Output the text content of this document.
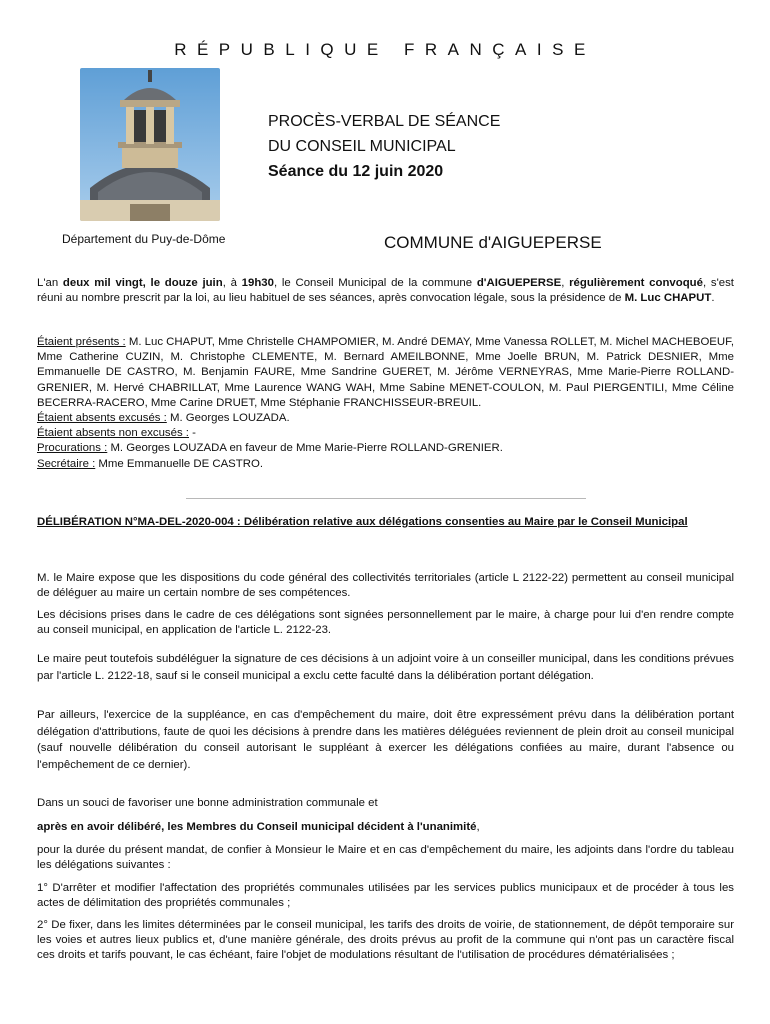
RÉPUBLIQUE FRANÇAISE
Département du Puy-de-Dôme
PROCÈS-VERBAL DE SÉANCE
DU CONSEIL MUNICIPAL
Séance du 12 juin 2020
COMMUNE d'AIGUEPERSE
L'an deux mil vingt, le douze juin, à 19h30, le Conseil Municipal de la commune d'AIGUEPERSE, régulièrement convoqué, s'est réuni au nombre prescrit par la loi, au lieu habituel de ses séances, après convocation légale, sous la présidence de M. Luc CHAPUT.
Étaient présents : M. Luc CHAPUT, Mme Christelle CHAMPOMIER, M. André DEMAY, Mme Vanessa ROLLET, M. Michel MACHEBOEUF, Mme Catherine CUZIN, M. Christophe CLEMENTE, M. Bernard AMEILBONNE, Mme Joelle BRUN, M. Patrick DESNIER, Mme Emmanuelle DE CASTRO, M. Benjamin FAURE, Mme Sandrine GUERET, M. Jérôme VERNEYRAS, Mme Marie-Pierre ROLLAND-GRENIER, M. Hervé CHABRILLAT, Mme Laurence WANG WAH, Mme Sabine MENET-COULON, M. Paul PIERGENTILI, Mme Céline BECERRA-RACERO, Mme Carine DRUET, Mme Stéphanie FRANCHISSEUR-BREUIL.
Étaient absents excusés : M. Georges LOUZADA.
Étaient absents non excusés : -
Procurations : M. Georges LOUZADA en faveur de Mme Marie-Pierre ROLLAND-GRENIER.
Secrétaire : Mme Emmanuelle DE CASTRO.
DÉLIBÉRATION N°MA-DEL-2020-004 : Délibération relative aux délégations consenties au Maire par le Conseil Municipal
M. le Maire expose que les dispositions du code général des collectivités territoriales (article L 2122-22) permettent au conseil municipal de déléguer au maire un certain nombre de ses compétences.
Les décisions prises dans le cadre de ces délégations sont signées personnellement par le maire, à charge pour lui d'en rendre compte au conseil municipal, en application de l'article L. 2122-23.
Le maire peut toutefois subdéléguer la signature de ces décisions à un adjoint voire à un conseiller municipal, dans les conditions prévues par l'article L. 2122-18, sauf si le conseil municipal a exclu cette faculté dans la délibération portant délégation.
Par ailleurs, l'exercice de la suppléance, en cas d'empêchement du maire, doit être expressément prévu dans la délibération portant délégation d'attributions, faute de quoi les décisions à prendre dans les matières déléguées reviennent de plein droit au conseil municipal (sauf nouvelle délibération du conseil autorisant le suppléant à exercer les délégations confiées au maire, durant l'absence ou l'empêchement de ce dernier).
Dans un souci de favoriser une bonne administration communale et
après en avoir délibéré, les Membres du Conseil municipal décident à l'unanimité,
pour la durée du présent mandat, de confier à Monsieur le Maire et en cas d'empêchement du maire, les adjoints dans l'ordre du tableau les délégations suivantes :
1° D'arrêter et modifier l'affectation des propriétés communales utilisées par les services publics municipaux et de procéder à tous les actes de délimitation des propriétés communales ;
2° De fixer, dans les limites déterminées par le conseil municipal, les tarifs des droits de voirie, de stationnement, de dépôt temporaire sur les voies et autres lieux publics et, d'une manière générale, des droits prévus au profit de la commune qui n'ont pas un caractère fiscal ces droits et tarifs pouvant, le cas échéant, faire l'objet de modulations résultant de l'utilisation de procédures dématérialisées ;
